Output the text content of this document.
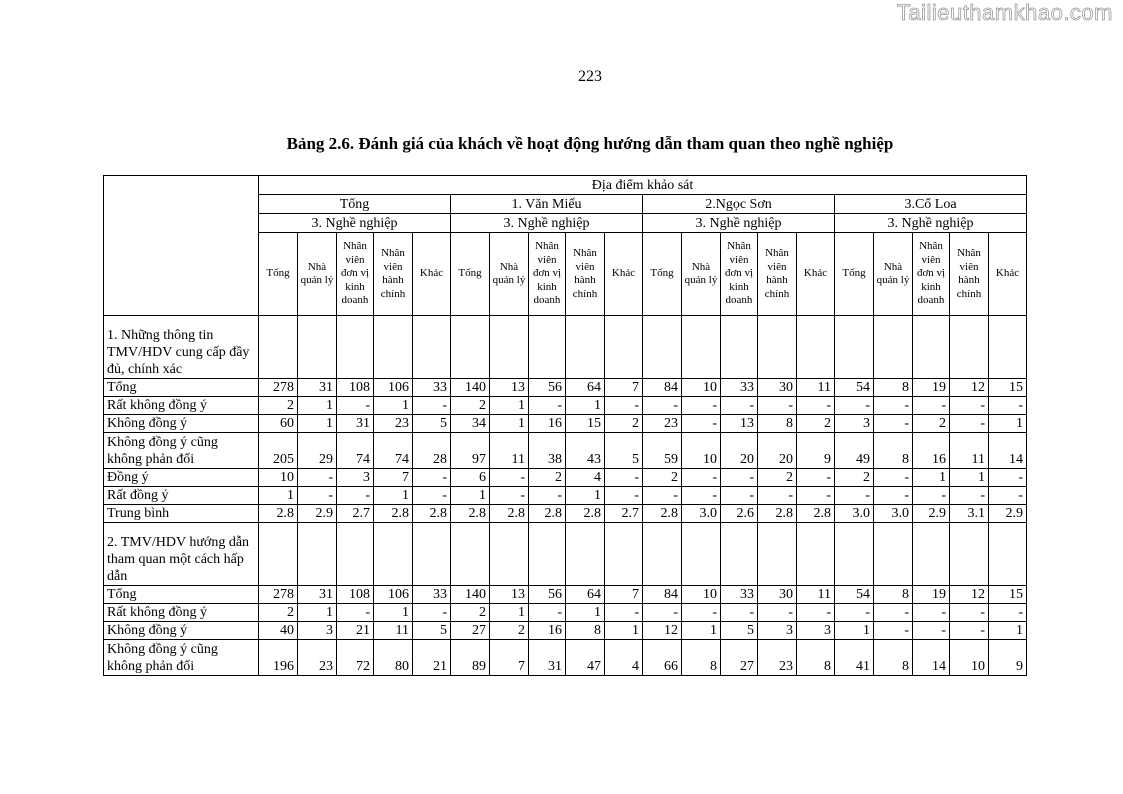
Tailieuthamkhao.com
223
Bảng 2.6. Đánh giá của khách về hoạt động hướng dẫn tham quan theo nghề nghiệp
	Địa điểm khảo sát																			
	Tổng					1. Văn Miếu					2.Ngọc Sơn					3.Cổ Loa				
	3. Nghề nghiệp					3. Nghề nghiệp					3. Nghề nghiệp					3. Nghề nghiệp				
	Tổng	Nhà quản lý	Nhân viên đơn vị kinh doanh	Nhân viên hành chính	Khác	Tổng	Nhà quản lý	Nhân viên đơn vị kinh doanh	Nhân viên hành chính	Khác	Tổng	Nhà quản lý	Nhân viên đơn vị kinh doanh	Nhân viên hành chính	Khác	Tổng	Nhà quản lý	Nhân viên đơn vị kinh doanh	Nhân viên hành chính	Khác
1. Những thông tin TMV/HDV cung cấp đầy đủ, chính xác																				
Tổng	278	31	108	106	33	140	13	56	64	7	84	10	33	30	11	54	8	19	12	15
Rất không đồng ý	2	1	-	1	-	2	1	-	1	-	-	-	-	-	-	-	-	-	-	-
Không đồng ý	60	1	31	23	5	34	1	16	15	2	23	-	13	8	2	3	-	2	-	1
Không đồng ý cũng không phản đối	205	29	74	74	28	97	11	38	43	5	59	10	20	20	9	49	8	16	11	14
Đồng ý	10	-	3	7	-	6	-	2	4	-	2	-	-	2	-	2	-	1	1	-
Rất đồng ý	1	-	-	1	-	1	-	-	1	-	-	-	-	-	-	-	-	-	-	-
Trung bình	2.8	2.9	2.7	2.8	2.8	2.8	2.8	2.8	2.8	2.7	2.8	3.0	2.6	2.8	2.8	3.0	3.0	2.9	3.1	2.9
2. TMV/HDV hướng dẫn tham quan một cách hấp dẫn																				
Tổng	278	31	108	106	33	140	13	56	64	7	84	10	33	30	11	54	8	19	12	15
Rất không đồng ý	2	1	-	1	-	2	1	-	1	-	-	-	-	-	-	-	-	-	-	-
Không đồng ý	40	3	21	11	5	27	2	16	8	1	12	1	5	3	3	1	-	-	-	1
Không đồng ý cũng không phản đối	196	23	72	80	21	89	7	31	47	4	66	8	27	23	8	41	8	14	10	9
